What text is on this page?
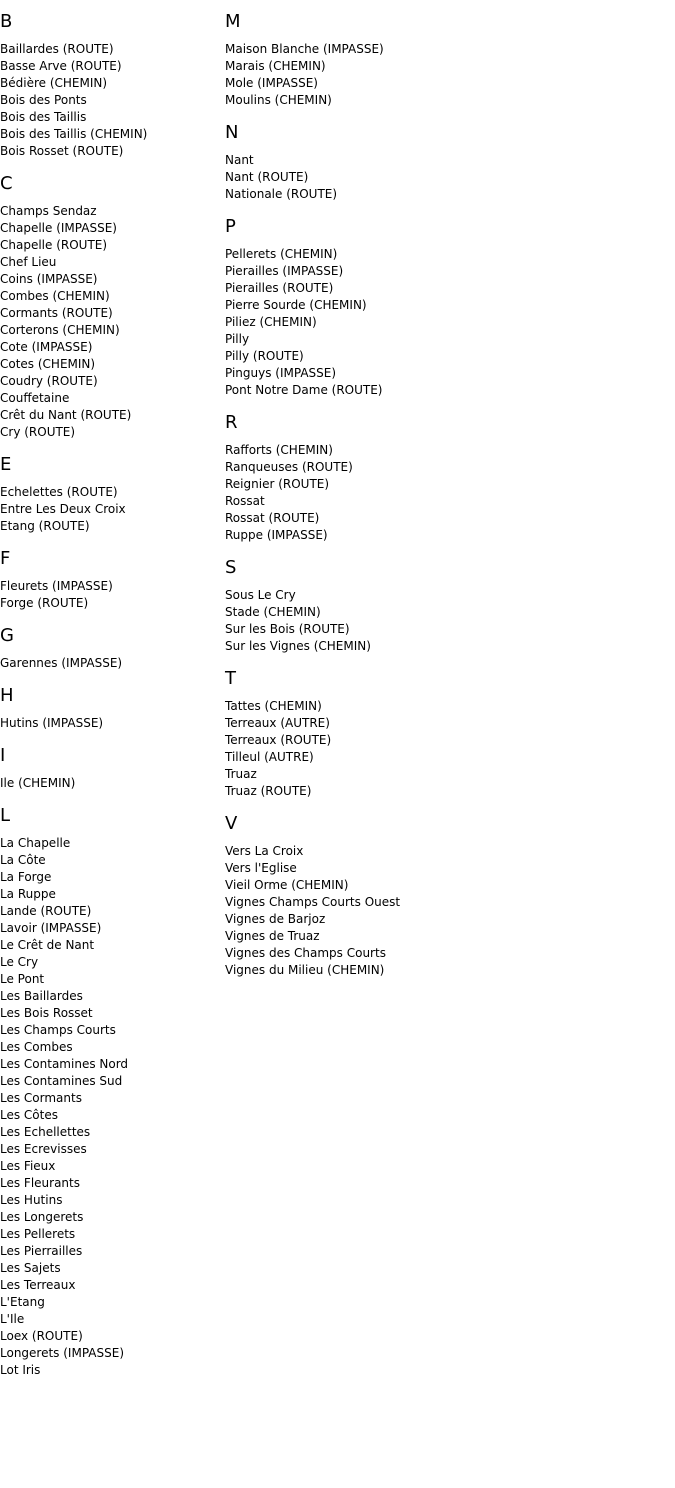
B
Baillardes (ROUTE)
Basse Arve (ROUTE)
Bédière (CHEMIN)
Bois des Ponts
Bois des Taillis
Bois des Taillis (CHEMIN)
Bois Rosset (ROUTE)
C
Champs Sendaz
Chapelle (IMPASSE)
Chapelle (ROUTE)
Chef Lieu
Coins (IMPASSE)
Combes (CHEMIN)
Cormants (ROUTE)
Corterons (CHEMIN)
Cote (IMPASSE)
Cotes (CHEMIN)
Coudry (ROUTE)
Couffetaine
Crêt du Nant (ROUTE)
Cry (ROUTE)
E
Echelettes (ROUTE)
Entre Les Deux Croix
Etang (ROUTE)
F
Fleurets (IMPASSE)
Forge (ROUTE)
G
Garennes (IMPASSE)
H
Hutins (IMPASSE)
I
Ile (CHEMIN)
L
La Chapelle
La Côte
La Forge
La Ruppe
Lande (ROUTE)
Lavoir (IMPASSE)
Le Crêt de Nant
Le Cry
Le Pont
Les Baillardes
Les Bois Rosset
Les Champs Courts
Les Combes
Les Contamines Nord
Les Contamines Sud
Les Cormants
Les Côtes
Les Echellettes
Les Ecrevisses
Les Fieux
Les Fleurants
Les Hutins
Les Longerets
Les Pellerets
Les Pierrailles
Les Sajets
Les Terreaux
L'Etang
L'Ile
Loex (ROUTE)
Longerets (IMPASSE)
Lot Iris
M
Maison Blanche (IMPASSE)
Marais (CHEMIN)
Mole (IMPASSE)
Moulins (CHEMIN)
N
Nant
Nant (ROUTE)
Nationale (ROUTE)
P
Pellerets (CHEMIN)
Pierailles (IMPASSE)
Pierailles (ROUTE)
Pierre Sourde (CHEMIN)
Piliez (CHEMIN)
Pilly
Pilly (ROUTE)
Pinguys (IMPASSE)
Pont Notre Dame (ROUTE)
R
Rafforts (CHEMIN)
Ranqueuses (ROUTE)
Reignier (ROUTE)
Rossat
Rossat (ROUTE)
Ruppe (IMPASSE)
S
Sous Le Cry
Stade (CHEMIN)
Sur les Bois (ROUTE)
Sur les Vignes (CHEMIN)
T
Tattes (CHEMIN)
Terreaux (AUTRE)
Terreaux (ROUTE)
Tilleul (AUTRE)
Truaz
Truaz (ROUTE)
V
Vers La Croix
Vers l'Eglise
Vieil Orme (CHEMIN)
Vignes Champs Courts Ouest
Vignes de Barjoz
Vignes de Truaz
Vignes des Champs Courts
Vignes du Milieu (CHEMIN)
